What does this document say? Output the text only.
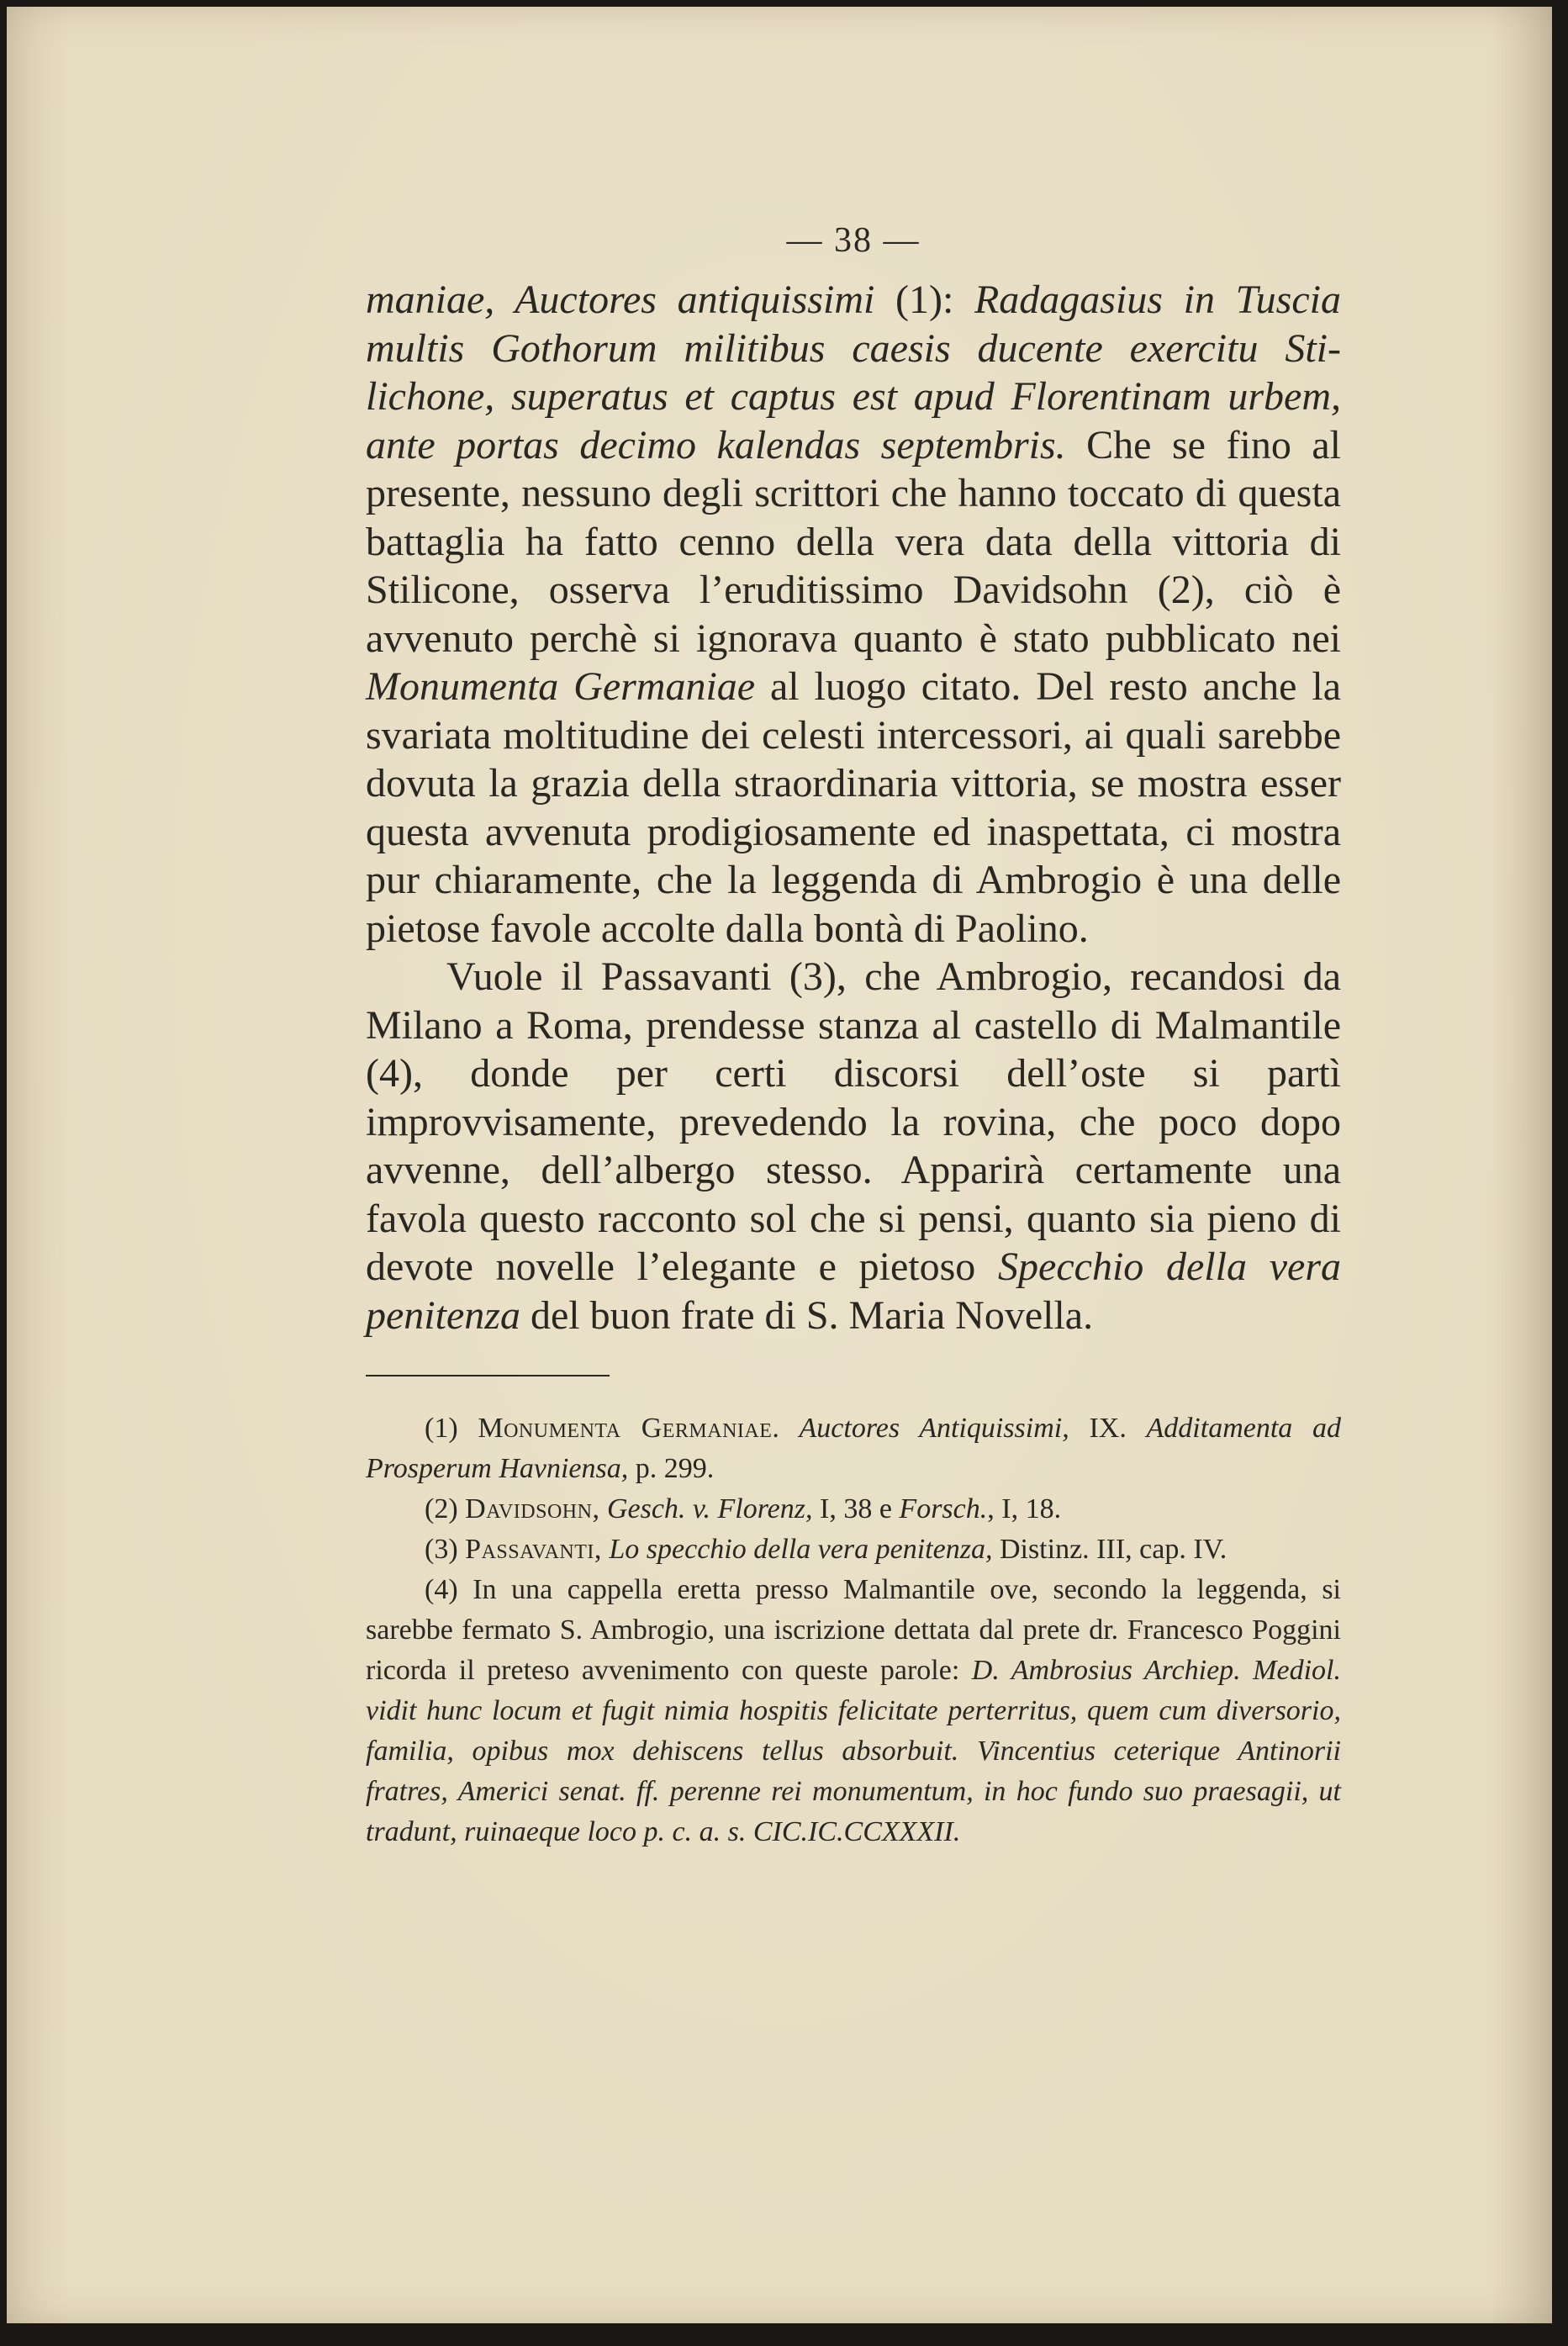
— 38 —

maniae, Auctores antiquissimi (1): Radagasius in Tuscia multis Gothorum militibus caesis ducente exercitu Stilichone, superatus et captus est apud Florentinam urbem, ante portas decimo kalendas septembris. Che se fino al presente, nessuno degli scrittori che hanno toccato di questa battaglia ha fatto cenno della vera data della vittoria di Stilicone, osserva l’eruditissimo Davidsohn (2), ciò è avvenuto perchè si ignorava quanto è stato pubblicato nei Monumenta Germaniae al luogo citato. Del resto anche la svariata moltitudine dei celesti intercessori, ai quali sarebbe dovuta la grazia della straordinaria vittoria, se mostra esser questa avvenuta prodigiosamente ed inaspettata, ci mostra pur chiaramente, che la leggenda di Ambrogio è una delle pietose favole accolte dalla bontà di Paolino.

Vuole il Passavanti (3), che Ambrogio, recandosi da Milano a Roma, prendesse stanza al castello di Malmantile (4), donde per certi discorsi dell’oste si partì improvvisamente, prevedendo la rovina, che poco dopo avvenne, dell’albergo stesso. Apparirà certamente una favola questo racconto sol che si pensi, quanto sia pieno di devote novelle l’elegante e pietoso Specchio della vera penitenza del buon frate di S. Maria Novella.

(1) Monumenta Germaniae. Auctores Antiquissimi, IX. Additamenta ad Prosperum Havniensa, p. 299.

(2) Davidsohn, Gesch. v. Florenz, I, 38 e Forsch., I, 18.

(3) Passavanti, Lo specchio della vera penitenza, Distinz. III, cap. IV.

(4) In una cappella eretta presso Malmantile ove, secondo la leggenda, si sarebbe fermato S. Ambrogio, una iscrizione dettata dal prete dr. Francesco Poggini ricorda il preteso avvenimento con queste parole: D. Ambrosius Archiep. Mediol. vidit hunc locum et fugit nimia hospitis felicitate perterritus, quem cum diversorio, familia, opibus mox dehiscens tellus absorbuit. Vincentius ceterique Antinorii fratres, Americi senat. ff. perenne rei monumentum, in hoc fundo suo praesagii, ut tradunt, ruinaeque loco p. c. a. s. CIC.IC.CCXXXII.
